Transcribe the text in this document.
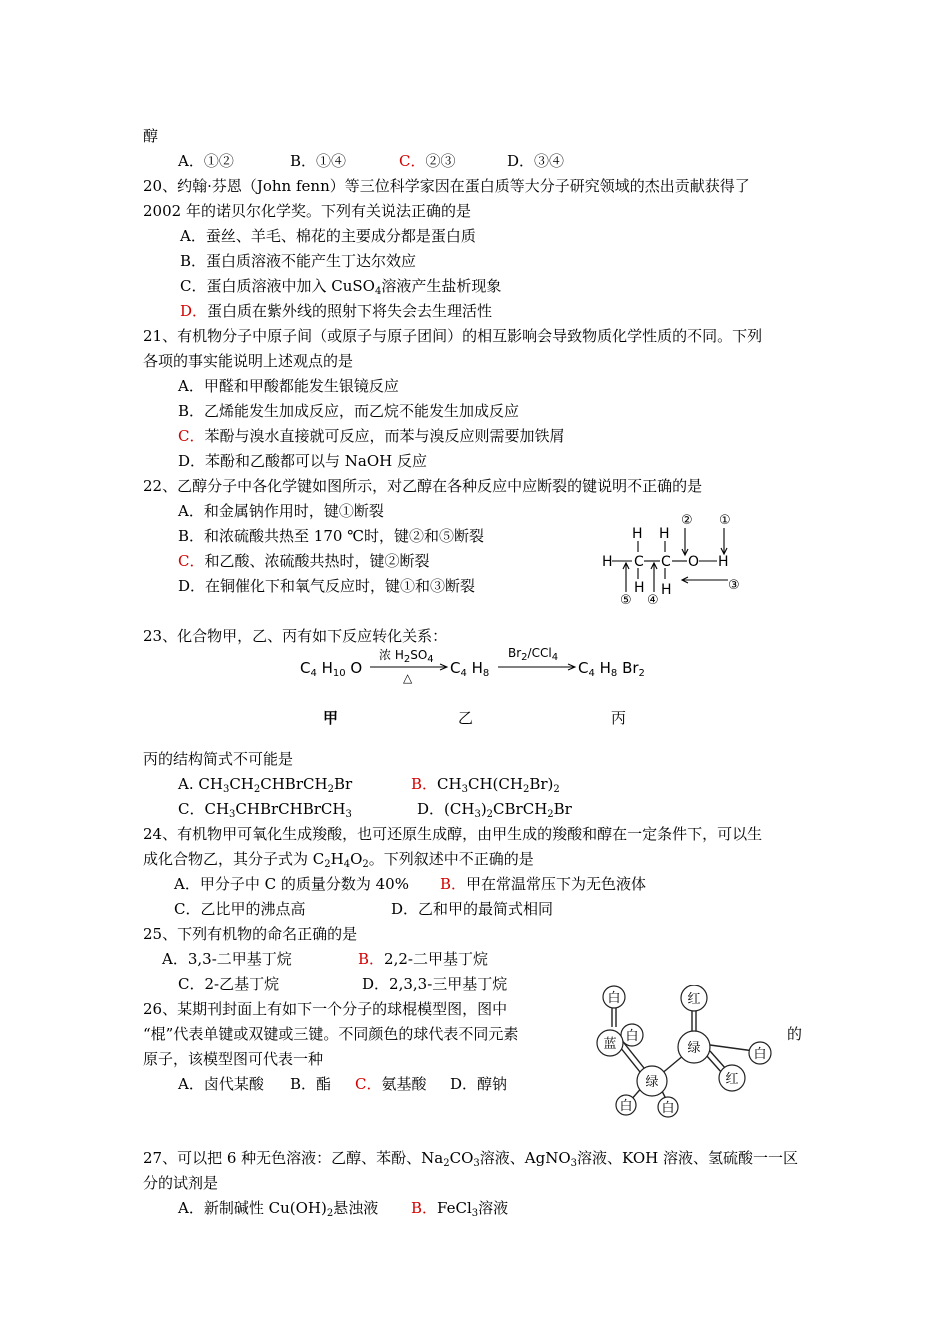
醇
A．①②	B．①④	C．②③	D．③④
20、约翰·芬恩（John fenn）等三位科学家因在蛋白质等大分子研究领域的杰出贡献获得了
2002 年的诺贝尔化学奖。下列有关说法正确的是
A．蚕丝、羊毛、棉花的主要成分都是蛋白质
B．蛋白质溶液不能产生丁达尔效应
C．蛋白质溶液中加入 CuSO$_4$溶液产生盐析现象
D．蛋白质在紫外线的照射下将失会去生理活性
21、有机物分子中原子间（或原子与原子团间）的相互影响会导致物质化学性质的不同。下列
各项的事实能说明上述观点的是
A．甲醛和甲酸都能发生银镜反应
B．乙烯能发生加成反应，而乙烷不能发生加成反应
C．苯酚与溴水直接就可反应，而苯与溴反应则需要加铁屑
D．苯酚和乙酸都可以与 NaOH 反应
22、乙醇分子中各化学键如图所示，对乙醇在各种反应中应断裂的键说明不正确的是
A．和金属钠作用时，键①断裂
B．和浓硫酸共热至 170 ℃时，键②和⑤断裂
C．和乙酸、浓硫酸共热时，键②断裂
D．在铜催化下和氧气反应时，键①和③断裂
H H
H C C O H
H H
①
②
③
④
⑤
23、化合物甲，乙、丙有如下反应转化关系：
$C_4$ $H_{10}$ O
浓 $H_2SO_4$
△
$C_4$ $H_8$
$Br_2/CCl_4$
$C_4$ $H_8$ $Br_2$
甲	乙	丙
丙的结构简式不可能是
A. $CH_3CH_2CHBrCH_2Br$	B．$CH_3CH(CH_2Br)_2$
C．$CH_3CHBrCHBrCH_3$	D．$(CH_3)_2CBrCH_2Br$
24、有机物甲可氧化生成羧酸，也可还原生成醇，由甲生成的羧酸和醇在一定条件下，可以生
成化合物乙，其分子式为 $C_2H_4O_2$。下列叙述中不正确的是
A．甲分子中 C 的质量分数为 40% B．甲在常温常压下为无色液体
C．乙比甲的沸点高	D．乙和甲的最简式相同
25、下列有机物的命名正确的是
A．3,3-二甲基丁烷	B．2,2-二甲基丁烷
C．2-乙基丁烷	D．2,3,3-三甲基丁烷
26、某期刊封面上有如下一个分子的球棍模型图，图中
“棍”代表单键或双键或三键。不同颜色的球代表不同元素	的
原子，该模型图可代表一种
A．卤代某酸 B．酯 C．氨基酸 D．醇钠
白
白
蓝
绿
绿
红
红
白
白 白
27、可以把 6 种无色溶液：乙醇、苯酚、$Na_2CO_3$溶液、AgNO$_3$溶液、KOH 溶液、氢硫酸一一区
分的试剂是
A．新制碱性 $Cu(OH)_2$悬浊液 B．FeCl$_3$溶液
